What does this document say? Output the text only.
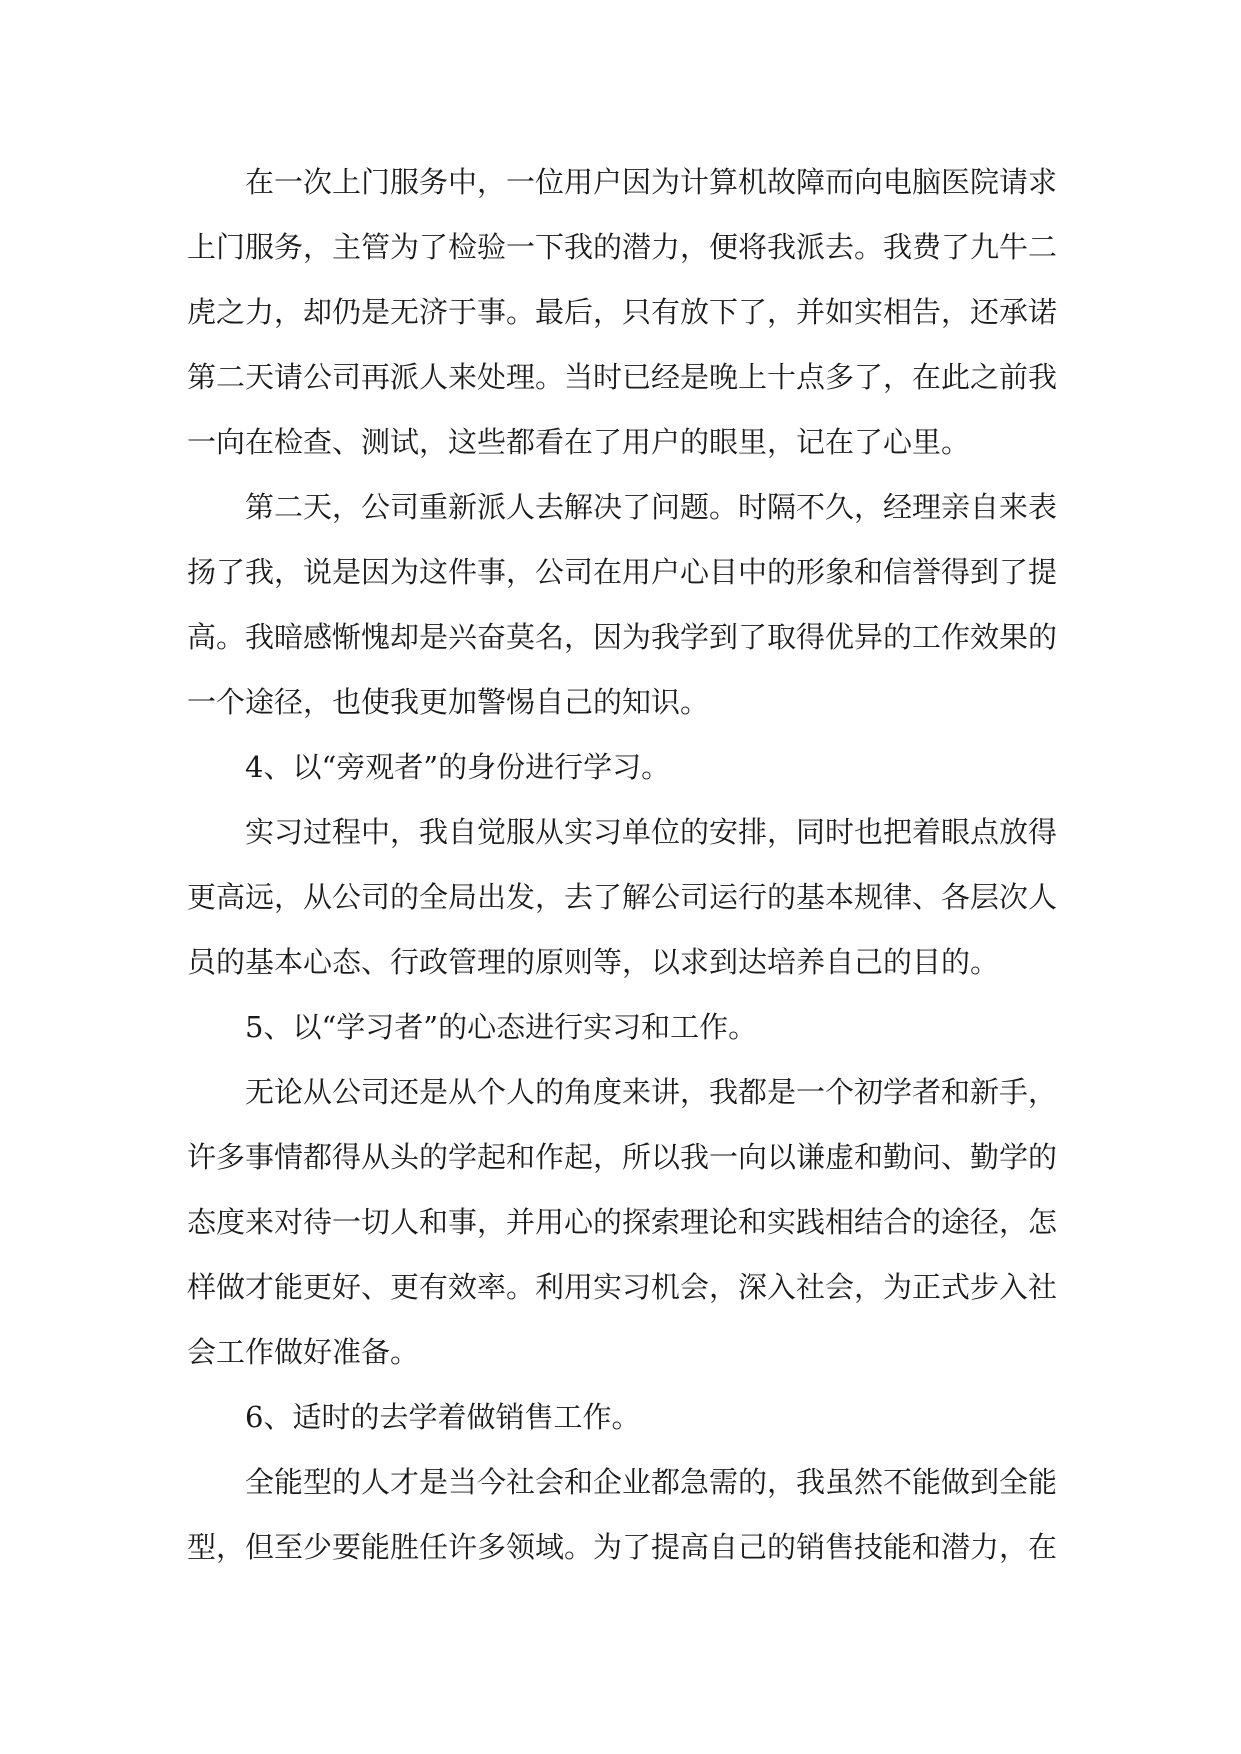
在一次上门服务中，一位用户因为计算机故障而向电脑医院请求上门服务，主管为了检验一下我的潜力，便将我派去。我费了九牛二虎之力，却仍是无济于事。最后，只有放下了，并如实相告，还承诺第二天请公司再派人来处理。当时已经是晚上十点多了，在此之前我一向在检查、测试，这些都看在了用户的眼里，记在了心里。

第二天，公司重新派人去解决了问题。时隔不久，经理亲自来表扬了我，说是因为这件事，公司在用户心目中的形象和信誉得到了提高。我暗感惭愧却是兴奋莫名，因为我学到了取得优异的工作效果的一个途径，也使我更加警惕自己的知识。

4、以“旁观者”的身份进行学习。

实习过程中，我自觉服从实习单位的安排，同时也把着眼点放得更高远，从公司的全局出发，去了解公司运行的基本规律、各层次人员的基本心态、行政管理的原则等，以求到达培养自己的目的。

5、以“学习者”的心态进行实习和工作。

无论从公司还是从个人的角度来讲，我都是一个初学者和新手，许多事情都得从头的学起和作起，所以我一向以谦虚和勤问、勤学的态度来对待一切人和事，并用心的探索理论和实践相结合的途径，怎样做才能更好、更有效率。利用实习机会，深入社会，为正式步入社会工作做好准备。

6、适时的去学着做销售工作。

全能型的人才是当今社会和企业都急需的，我虽然不能做到全能型，但至少要能胜任许多领域。为了提高自己的销售技能和潜力，在
